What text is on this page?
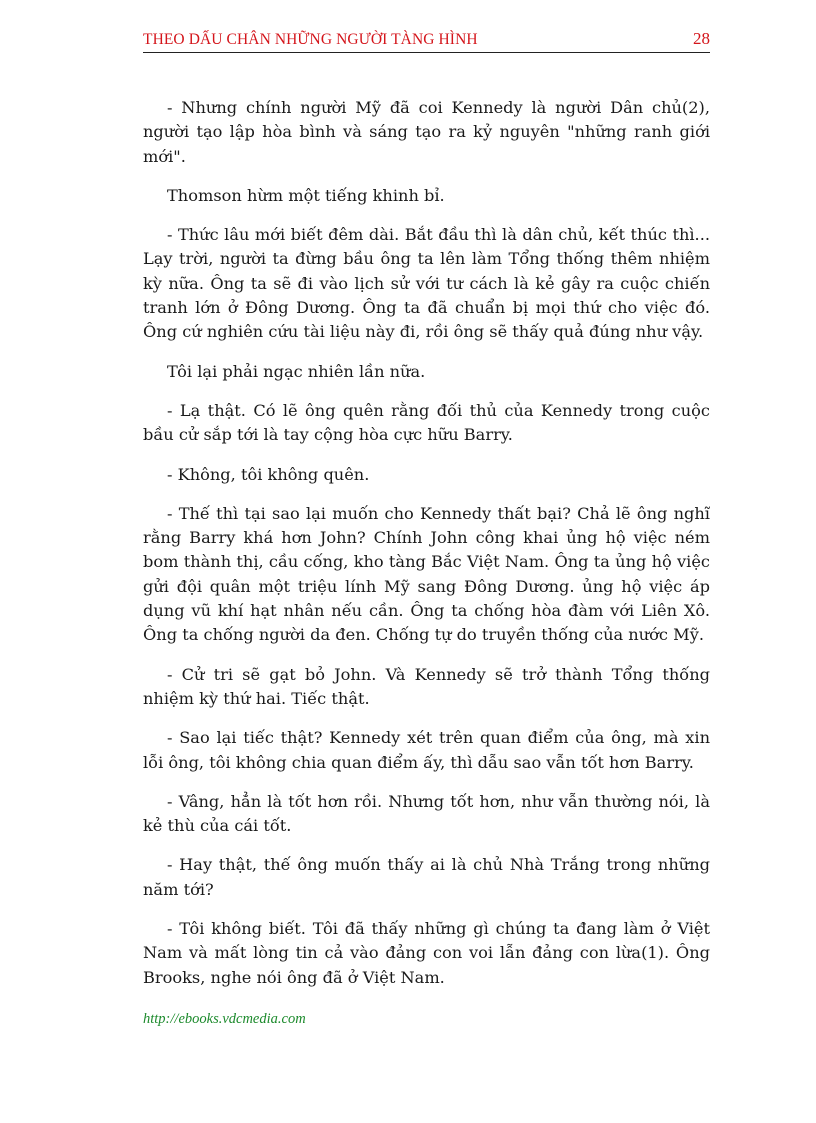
THEO DẤU CHÂN NHỮNG NGƯỜI TÀNG HÌNH	28

- Nhưng chính người Mỹ đã coi Kennedy là người Dân chủ(2), người tạo lập hòa bình và sáng tạo ra kỷ nguyên "những ranh giới mới".

Thomson hừm một tiếng khinh bỉ.

- Thức lâu mới biết đêm dài. Bắt đầu thì là dân chủ, kết thúc thì... Lạy trời, người ta đừng bầu ông ta lên làm Tổng thống thêm nhiệm kỳ nữa. Ông ta sẽ đi vào lịch sử với tư cách là kẻ gây ra cuộc chiến tranh lớn ở Đông Dương. Ông ta đã chuẩn bị mọi thứ cho việc đó. Ông cứ nghiên cứu tài liệu này đi, rồi ông sẽ thấy quả đúng như vậy.

Tôi lại phải ngạc nhiên lần nữa.

- Lạ thật. Có lẽ ông quên rằng đối thủ của Kennedy trong cuộc bầu cử sắp tới là tay cộng hòa cực hữu Barry.

- Không, tôi không quên.

- Thế thì tại sao lại muốn cho Kennedy thất bại? Chả lẽ ông nghĩ rằng Barry khá hơn John? Chính John công khai ủng hộ việc ném bom thành thị, cầu cống, kho tàng Bắc Việt Nam. Ông ta ủng hộ việc gửi đội quân một triệu lính Mỹ sang Đông Dương. ủng hộ việc áp dụng vũ khí hạt nhân nếu cần. Ông ta chống hòa đàm với Liên Xô. Ông ta chống người da đen. Chống tự do truyền thống của nước Mỹ.

- Cử tri sẽ gạt bỏ John. Và Kennedy sẽ trở thành Tổng thống nhiệm kỳ thứ hai. Tiếc thật.

- Sao lại tiếc thật? Kennedy xét trên quan điểm của ông, mà xin lỗi ông, tôi không chia quan điểm ấy, thì dẫu sao vẫn tốt hơn Barry.

- Vâng, hẳn là tốt hơn rồi. Nhưng tốt hơn, như vẫn thường nói, là kẻ thù của cái tốt.

- Hay thật, thế ông muốn thấy ai là chủ Nhà Trắng trong những năm tới?

- Tôi không biết. Tôi đã thấy những gì chúng ta đang làm ở Việt Nam và mất lòng tin cả vào đảng con voi lẫn đảng con lừa(1). Ông Brooks, nghe nói ông đã ở Việt Nam.

http://ebooks.vdcmedia.com
